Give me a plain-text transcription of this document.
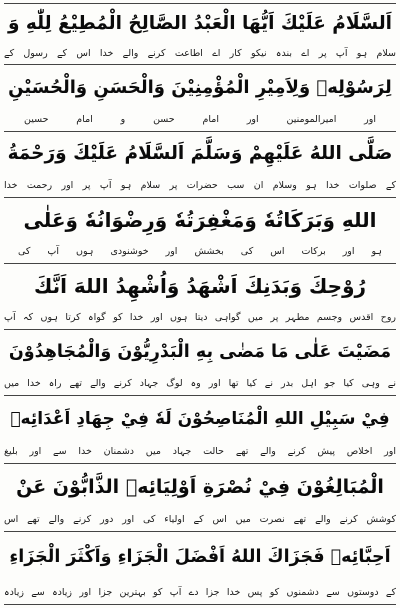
اَلسَّلَامُ عَلَيْكَ اَيُّهَا الْعَبْدُ الصَّالِحُ الْمُطِيْعُ لِلّٰهِ وَ
سلام ہو آپ پر اے بندہ نیکو کار اے اطاعت کرنے والے خدا اس کے رسول کے
لِرَسُوْلِهٖ وَلِاَمِيْرِ الْمُؤْمِنِيْنَ وَالْحَسَنِ وَالْحُسَيْنِ
اور امیرالمومنین اور امام حسن و امام حسین
صَلَّى اللهُ عَلَيْهِمْ وَسَلَّمَ اَلسَّلَامُ عَلَيْكَ وَرَحْمَةُ
کے صلوات خدا ہو وسلام ان سب حضرات پر سلام ہو آپ پر اور رحمت خدا
اللهِ وَبَرَكَاتُهٗ وَمَغْفِرَتُهٗ وَرِضْوَانُهٗ وَعَلٰى
ہو اور برکات اس کی بخشش اور خوشنودی ہوں آپ کی
رُوْحِكَ وَبَدَنِكَ اَشْهَدُ وَاُشْهِدُ اللهَ اَنَّكَ
روح اقدس وجسم مطہر پر میں گواہی دیتا ہوں اور خدا کو گواہ کرتا ہوں کہ آپ
مَضَيْتَ عَلٰى مَا مَضٰى بِهِ الْبَدْرِيُّوْنَ وَالْمُجَاهِدُوْنَ
نے وہی کیا جو اہل بدر نے کیا تھا اور وہ لوگ جہاد کرنے والے تھے راہ خدا میں
فِيْ سَبِيْلِ اللهِ الْمُنَاصِحُوْنَ لَهٗ فِيْ جِهَادِ اَعْدَائِهٖ
اور اخلاص پیش کرنے والے تھے حالت جہاد میں دشمنان خدا سے اور بلیغ
الْمُبَالِغُوْنَ فِيْ نُصْرَةِ اَوْلِيَائِهٖ الذَّابُّوْنَ عَنْ
کوشش کرنے والے تھے نصرت میں اس کے اولیاء کی اور دور کرنے والے تھے اس
اَحِبَّائِهٖ فَجَزَاكَ اللهُ اَفْضَلَ الْجَزَاءِ وَاَكْثَرَ الْجَزَاءِ
کے دوستوں سے دشمنوں کو پس خدا جزا دے آپ کو بہترین جزا اور زیادہ سے زیادہ
